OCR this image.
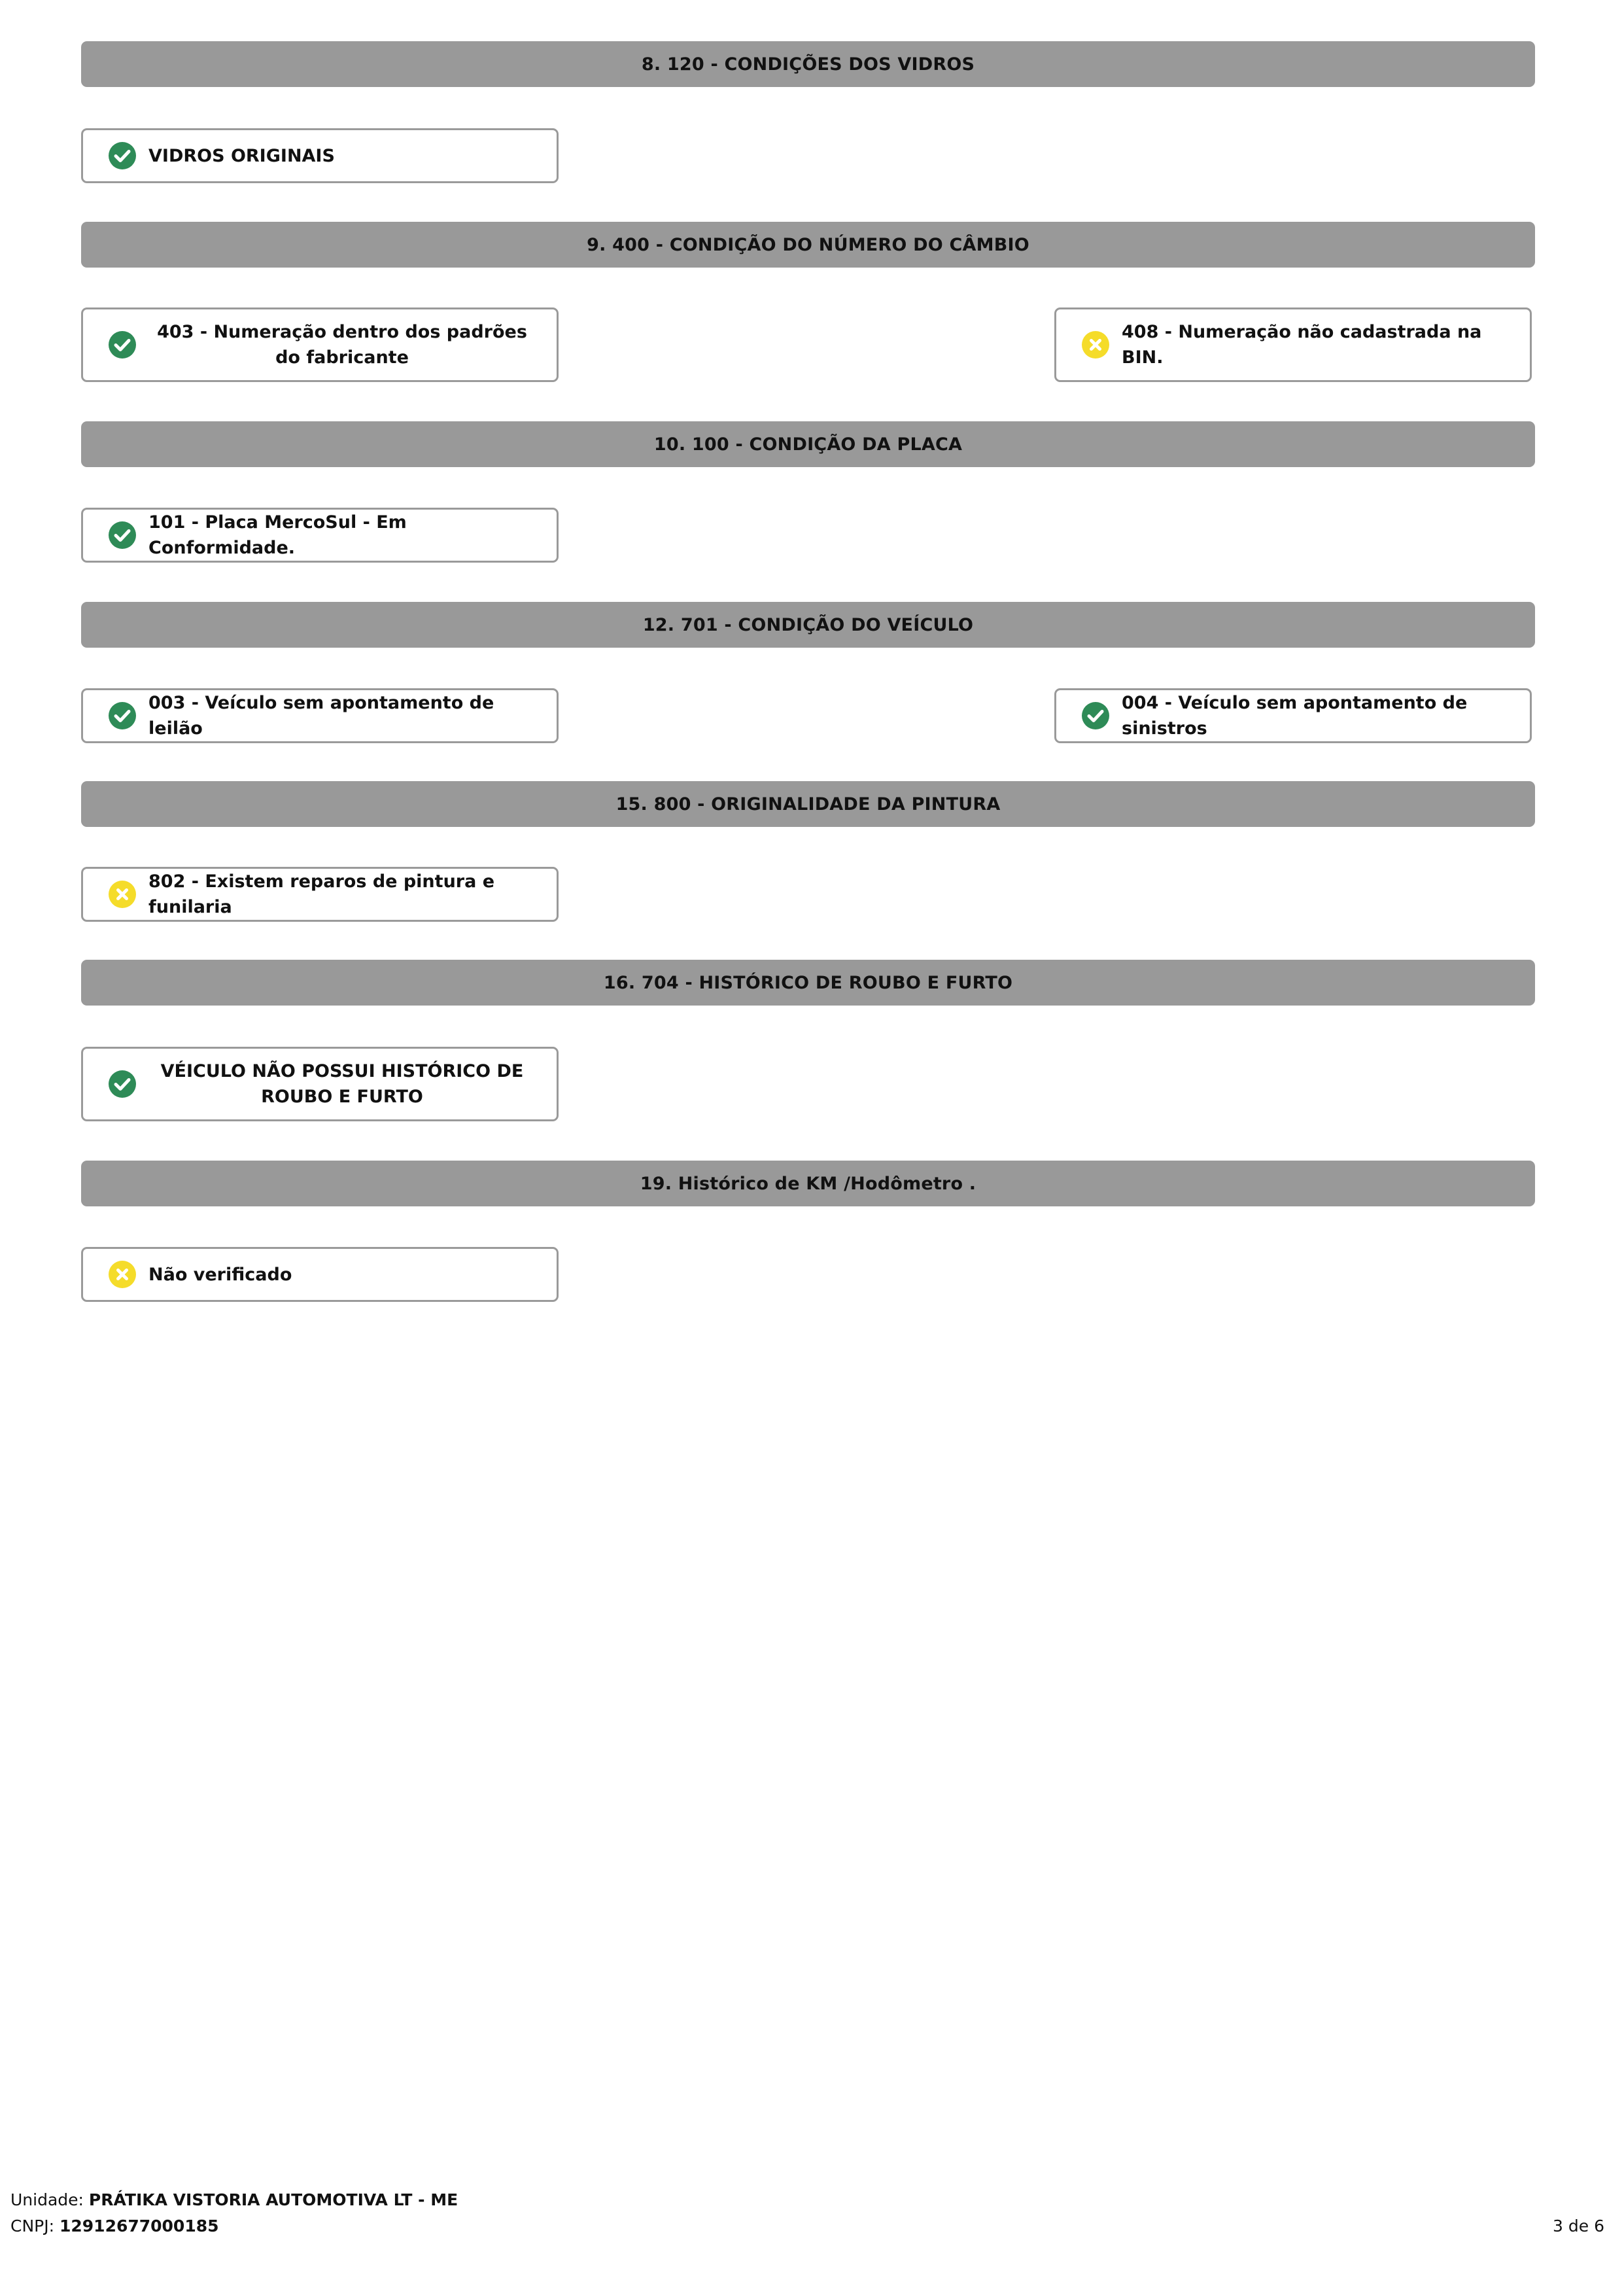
8. 120 - CONDIÇÕES DOS VIDROS
VIDROS ORIGINAIS
9. 400 - CONDIÇÃO DO NÚMERO DO CÂMBIO
403 - Numeração dentro dos padrões do fabricante
408 - Numeração não cadastrada na BIN.
10. 100 - CONDIÇÃO DA PLACA
101 - Placa MercoSul - Em Conformidade.
12. 701 - CONDIÇÃO DO VEÍCULO
003 - Veículo sem apontamento de leilão
004 - Veículo sem apontamento de sinistros
15. 800 - ORIGINALIDADE DA PINTURA
802 - Existem reparos de pintura e funilaria
16. 704 - HISTÓRICO DE ROUBO E FURTO
VÉICULO NÃO POSSUI HISTÓRICO DE ROUBO E FURTO
19. Histórico de KM /Hodômetro .
Não verificado
Unidade: PRÁTIKA VISTORIA AUTOMOTIVA LT - ME
CNPJ: 12912677000185	3 de 6
